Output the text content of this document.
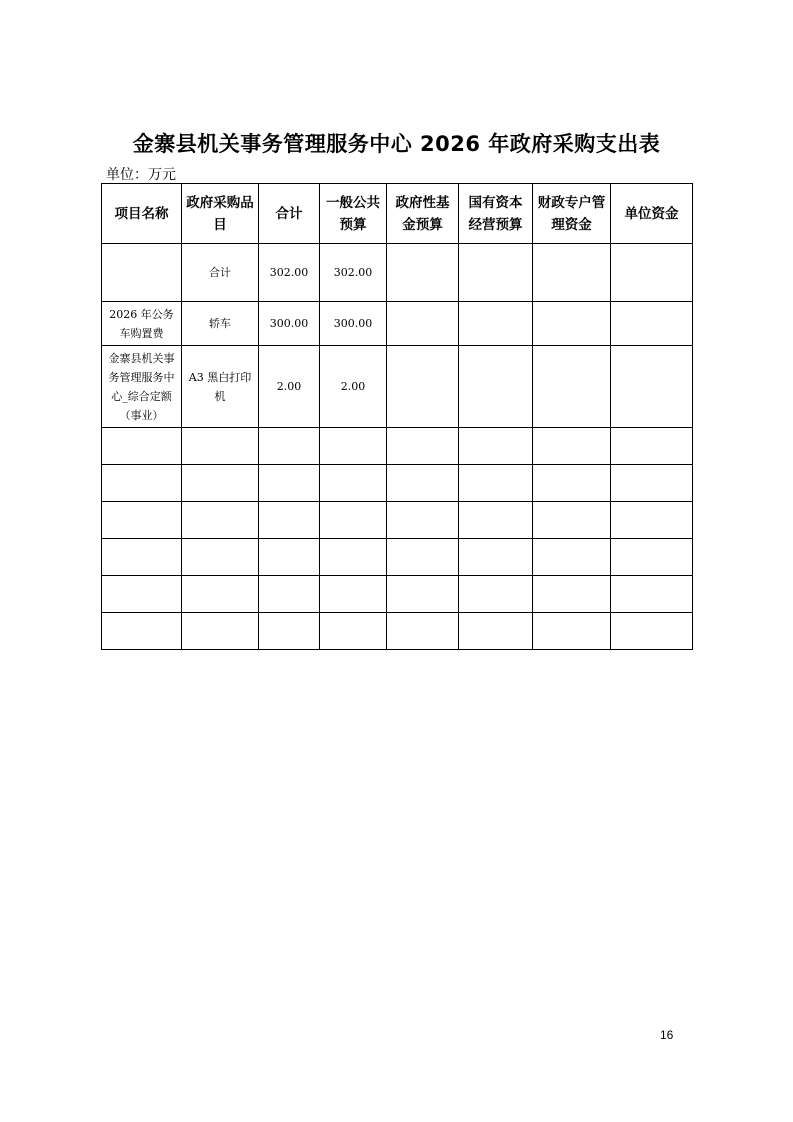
金寨县机关事务管理服务中心 2026 年政府采购支出表
单位：万元
项目名称	政府采购品目	合计	一般公共预算	政府性基金预算	国有资本经营预算	财政专户管理资金	单位资金
	合计	302.00	302.00				
2026 年公务车购置费	轿车	300.00	300.00				
金寨县机关事务管理服务中心_综合定额（事业）	A3 黑白打印机	2.00	2.00				

16
